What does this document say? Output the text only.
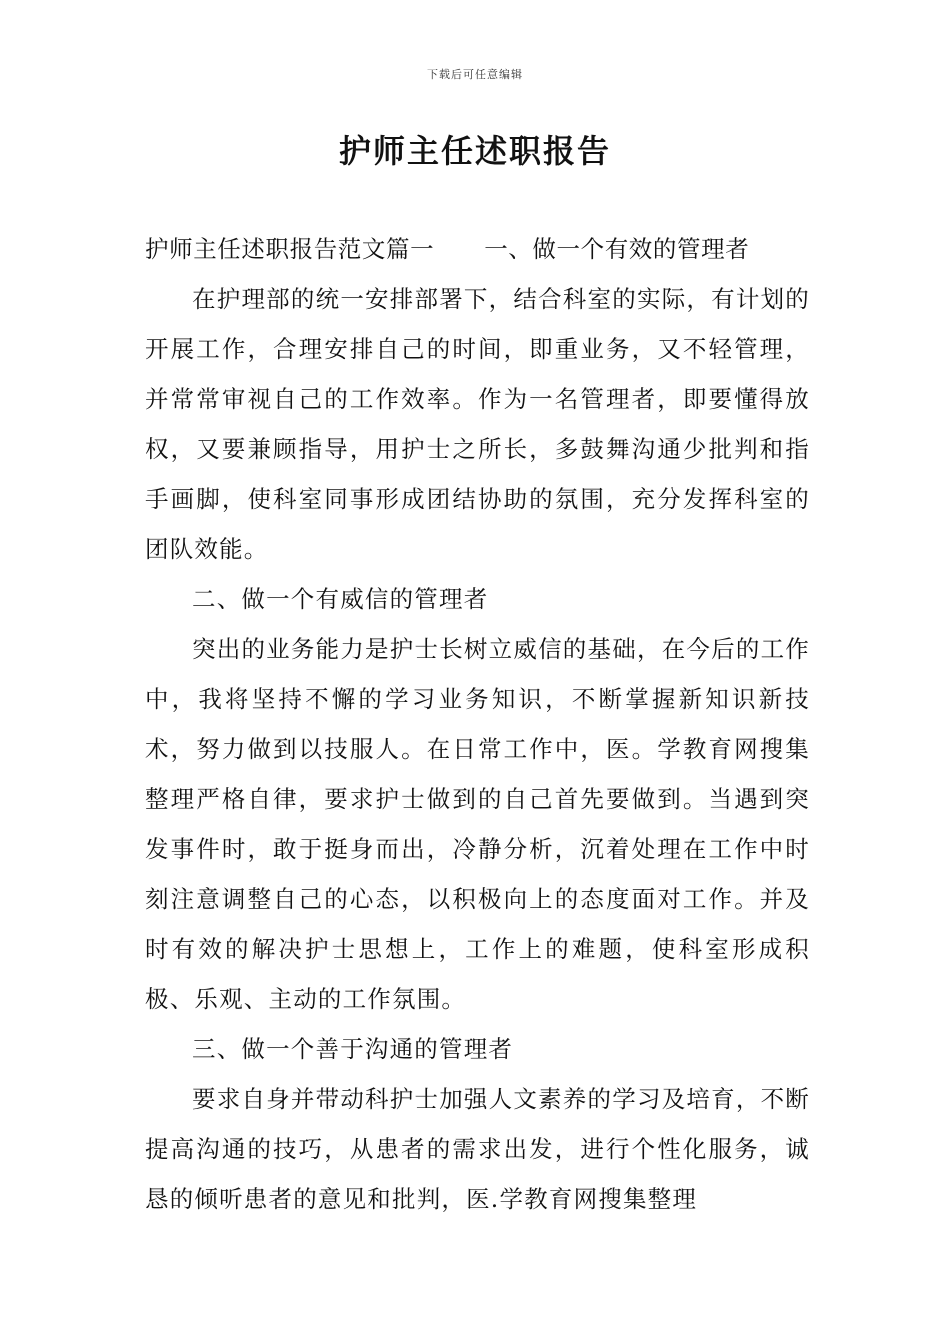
下载后可任意编辑
护师主任述职报告

护师主任述职报告范文篇一 一、做一个有效的管理者

在护理部的统一安排部署下，结合科室的实际，有计划的开展工作，合理安排自己的时间，即重业务，又不轻管理，并常常审视自己的工作效率。作为一名管理者，即要懂得放权，又要兼顾指导，用护士之所长，多鼓舞沟通少批判和指手画脚，使科室同事形成团结协助的氛围，充分发挥科室的团队效能。

二、做一个有威信的管理者

突出的业务能力是护士长树立威信的基础，在今后的工作中，我将坚持不懈的学习业务知识，不断掌握新知识新技术，努力做到以技服人。在日常工作中，医。学教育网搜集整理严格自律，要求护士做到的自己首先要做到。当遇到突发事件时，敢于挺身而出，冷静分析，沉着处理在工作中时刻注意调整自己的心态，以积极向上的态度面对工作。并及时有效的解决护士思想上，工作上的难题，使科室形成积极、乐观、主动的工作氛围。

三、做一个善于沟通的管理者

要求自身并带动科护士加强人文素养的学习及培育，不断提高沟通的技巧，从患者的需求出发，进行个性化服务，诚恳的倾听患者的意见和批判，医.学教育网搜集整理
